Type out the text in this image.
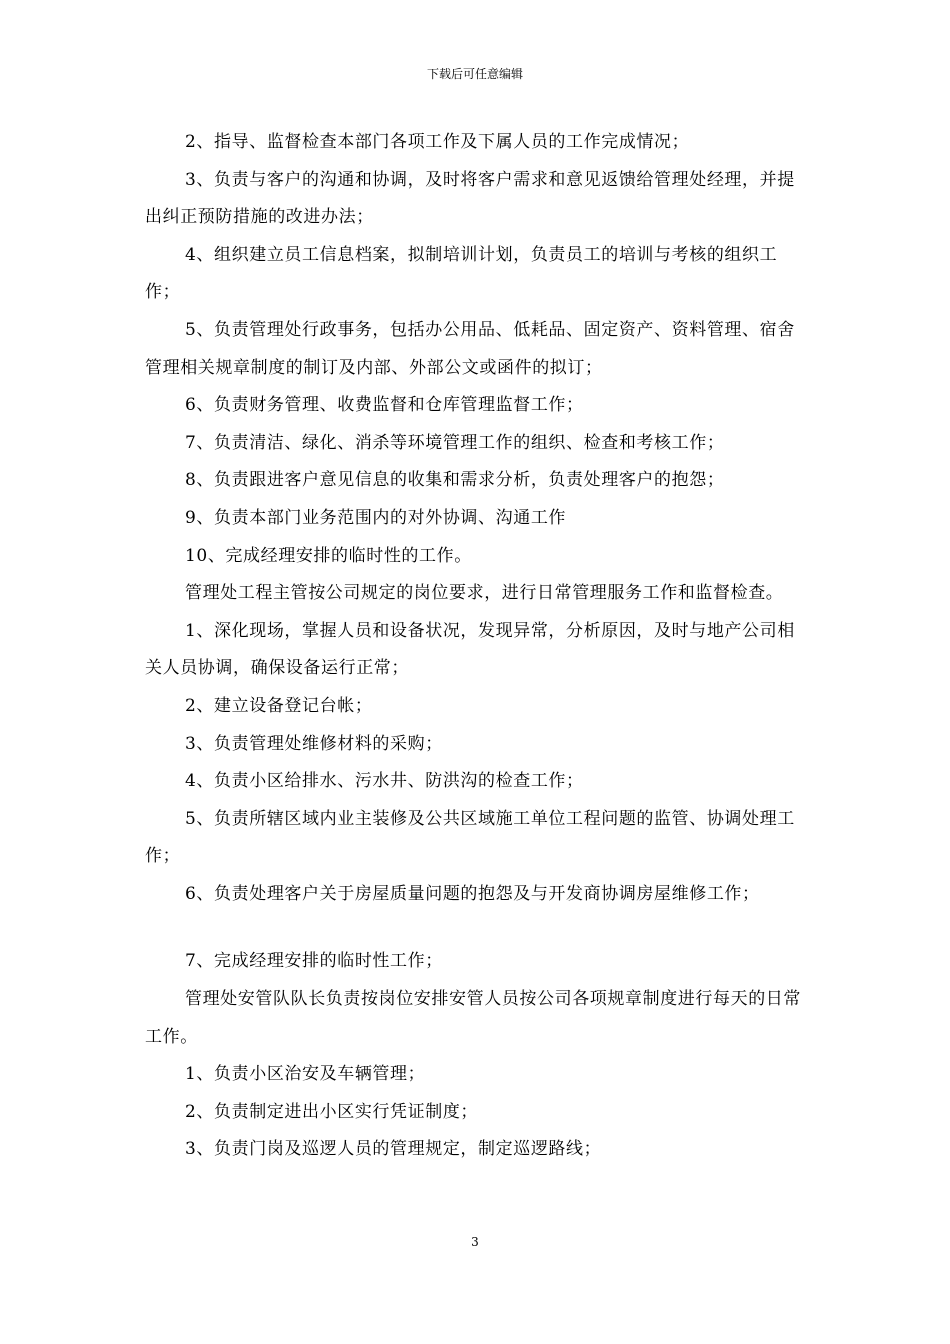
下载后可任意编辑

2、指导、监督检查本部门各项工作及下属人员的工作完成情况；

3、负责与客户的沟通和协调，及时将客户需求和意见返馈给管理处经理，并提出纠正预防措施的改进办法；

4、组织建立员工信息档案，拟制培训计划，负责员工的培训与考核的组织工作；

5、负责管理处行政事务，包括办公用品、低耗品、固定资产、资料管理、宿舍管理相关规章制度的制订及内部、外部公文或函件的拟订；

6、负责财务管理、收费监督和仓库管理监督工作；

7、负责清洁、绿化、消杀等环境管理工作的组织、检查和考核工作；

8、负责跟进客户意见信息的收集和需求分析，负责处理客户的抱怨；

9、负责本部门业务范围内的对外协调、沟通工作

10、完成经理安排的临时性的工作。

管理处工程主管按公司规定的岗位要求，进行日常管理服务工作和监督检查。

1、深化现场，掌握人员和设备状况，发现异常，分析原因，及时与地产公司相关人员协调，确保设备运行正常；

2、建立设备登记台帐；

3、负责管理处维修材料的采购；

4、负责小区给排水、污水井、防洪沟的检查工作；

5、负责所辖区域内业主装修及公共区域施工单位工程问题的监管、协调处理工作；

6、负责处理客户关于房屋质量问题的抱怨及与开发商协调房屋维修工作；

7、完成经理安排的临时性工作；

管理处安管队队长负责按岗位安排安管人员按公司各项规章制度进行每天的日常工作。

1、负责小区治安及车辆管理；

2、负责制定进出小区实行凭证制度；

3、负责门岗及巡逻人员的管理规定，制定巡逻路线；

3
